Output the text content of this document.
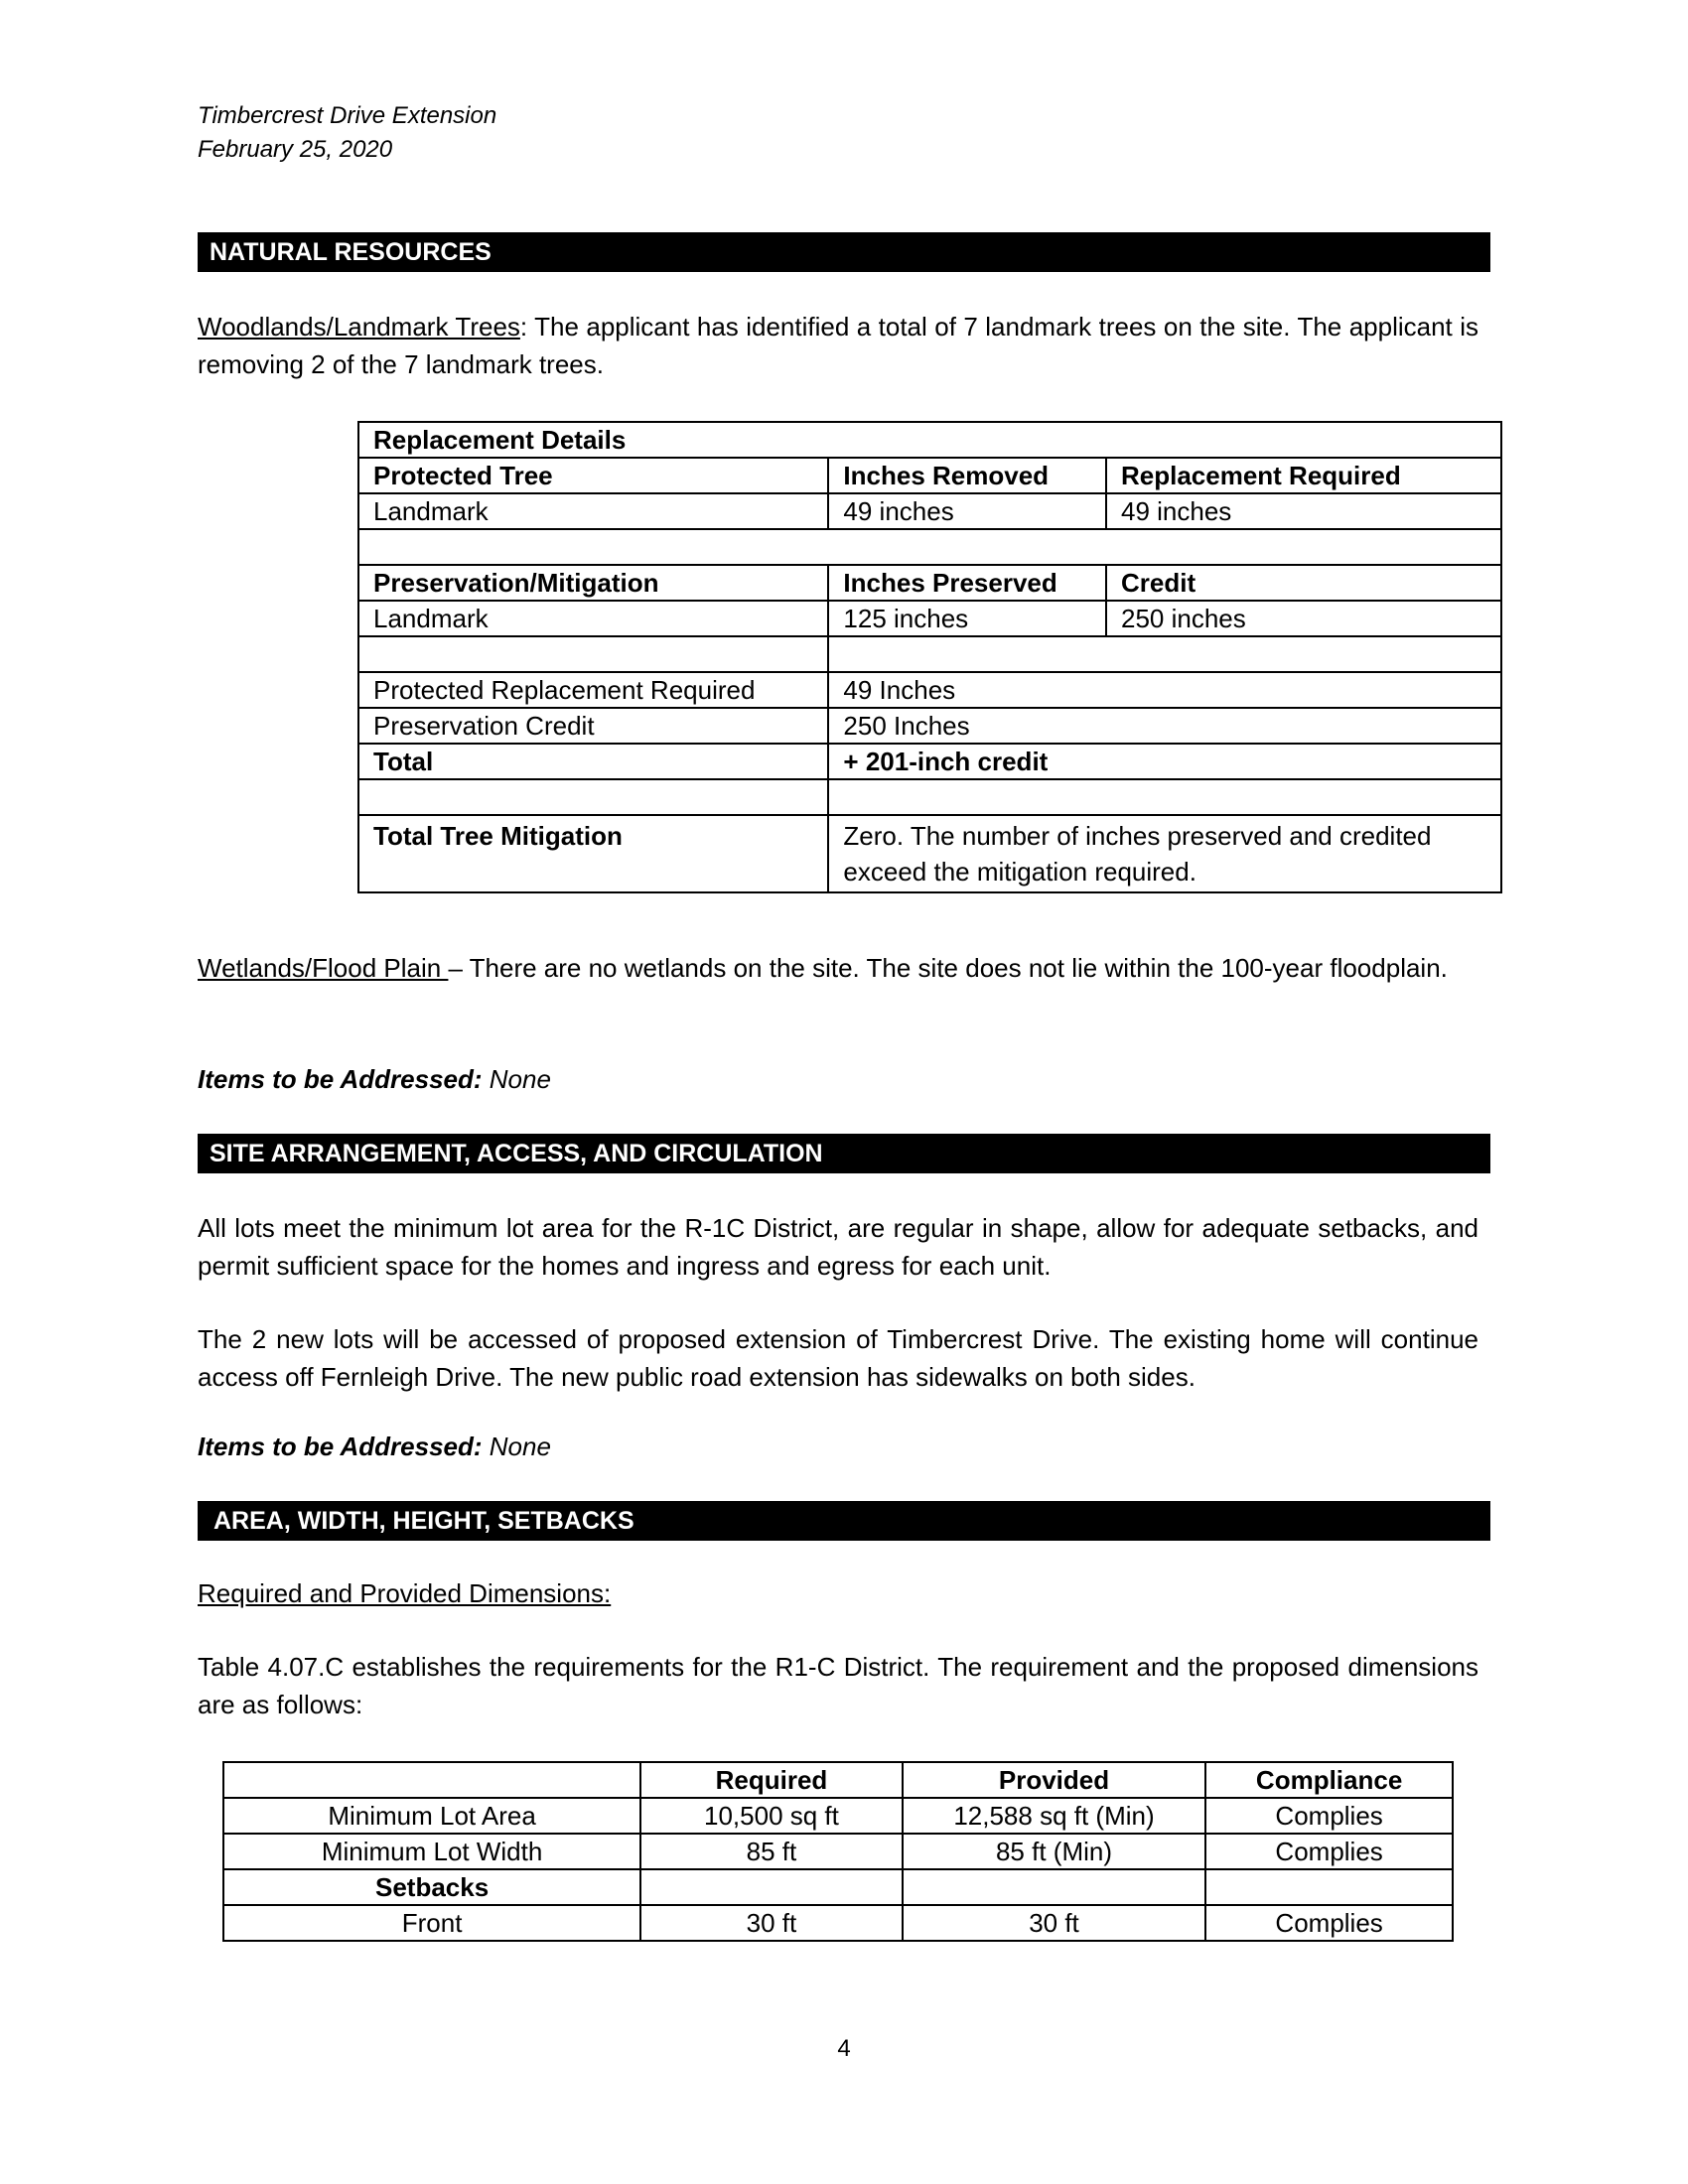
Timbercrest Drive Extension
February 25, 2020
NATURAL RESOURCES
Woodlands/Landmark Trees: The applicant has identified a total of 7 landmark trees on the site. The applicant is removing 2 of the 7 landmark trees.
Replacement Details		
Protected Tree	Inches Removed	Replacement Required
Landmark	49 inches	49 inches

Preservation/Mitigation	Inches Preserved	Credit
Landmark	125 inches	250 inches

Protected Replacement Required	49 Inches	
Preservation Credit	250 Inches	
Total	+ 201-inch credit	

Total Tree Mitigation	Zero. The number of inches preserved and credited exceed the mitigation required.	
Wetlands/Flood Plain – There are no wetlands on the site. The site does not lie within the 100-year floodplain.
Items to be Addressed: None
SITE ARRANGEMENT, ACCESS, AND CIRCULATION
All lots meet the minimum lot area for the R-1C District, are regular in shape, allow for adequate setbacks, and permit sufficient space for the homes and ingress and egress for each unit.
The 2 new lots will be accessed of proposed extension of Timbercrest Drive. The existing home will continue access off Fernleigh Drive. The new public road extension has sidewalks on both sides.
Items to be Addressed: None
AREA, WIDTH, HEIGHT, SETBACKS
Required and Provided Dimensions:
Table 4.07.C establishes the requirements for the R1-C District. The requirement and the proposed dimensions are as follows:
	Required	Provided	Compliance
Minimum Lot Area	10,500 sq ft	12,588 sq ft (Min)	Complies
Minimum Lot Width	85 ft	85 ft (Min)	Complies
Setbacks			
Front	30 ft	30 ft	Complies
4
